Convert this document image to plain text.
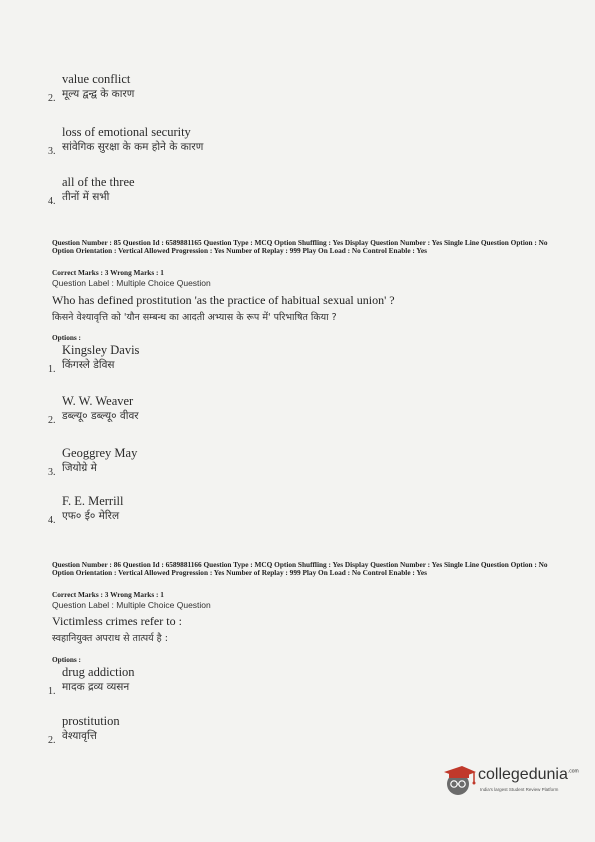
value conflict
मूल्य द्वन्द्व के कारण
2.
loss of emotional security
सांवेगिक सुरक्षा के कम होने के कारण
3.
all of the three
तीनों में सभी
4.
Question Number : 85 Question Id : 6589881165 Question Type : MCQ Option Shuffling : Yes Display Question Number : Yes Single Line Question Option : No Option Orientation : Vertical Allowed Progression : Yes Number of Replay : 999 Play On Load : No Control Enable : Yes
Correct Marks : 3 Wrong Marks : 1
Question Label : Multiple Choice Question
Who has defined prostitution 'as the practice of habitual sexual union' ?
किसने वेश्यावृत्ति को 'यौन सम्बन्ध का आदती अभ्यास के रूप में' परिभाषित किया ?
Options :
Kingsley Davis
किंगस्ले डेविस
1.
W. W. Weaver
डब्ल्यू० डब्ल्यू० वीवर
2.
Geoggrey May
जियोग्रे मे
3.
F. E. Merrill
एफ० ई० मेरिल
4.
Question Number : 86 Question Id : 6589881166 Question Type : MCQ Option Shuffling : Yes Display Question Number : Yes Single Line Question Option : No Option Orientation : Vertical Allowed Progression : Yes Number of Replay : 999 Play On Load : No Control Enable : Yes
Correct Marks : 3 Wrong Marks : 1
Question Label : Multiple Choice Question
Victimless crimes refer to :
स्वहानियुक्त अपराध से तात्पर्य है :
Options :
drug addiction
मादक द्रव्य व्यसन
1.
prostitution
वेश्यावृत्ति
2.
collegedunia$^{.com}$
India's largest Student Review Platform
